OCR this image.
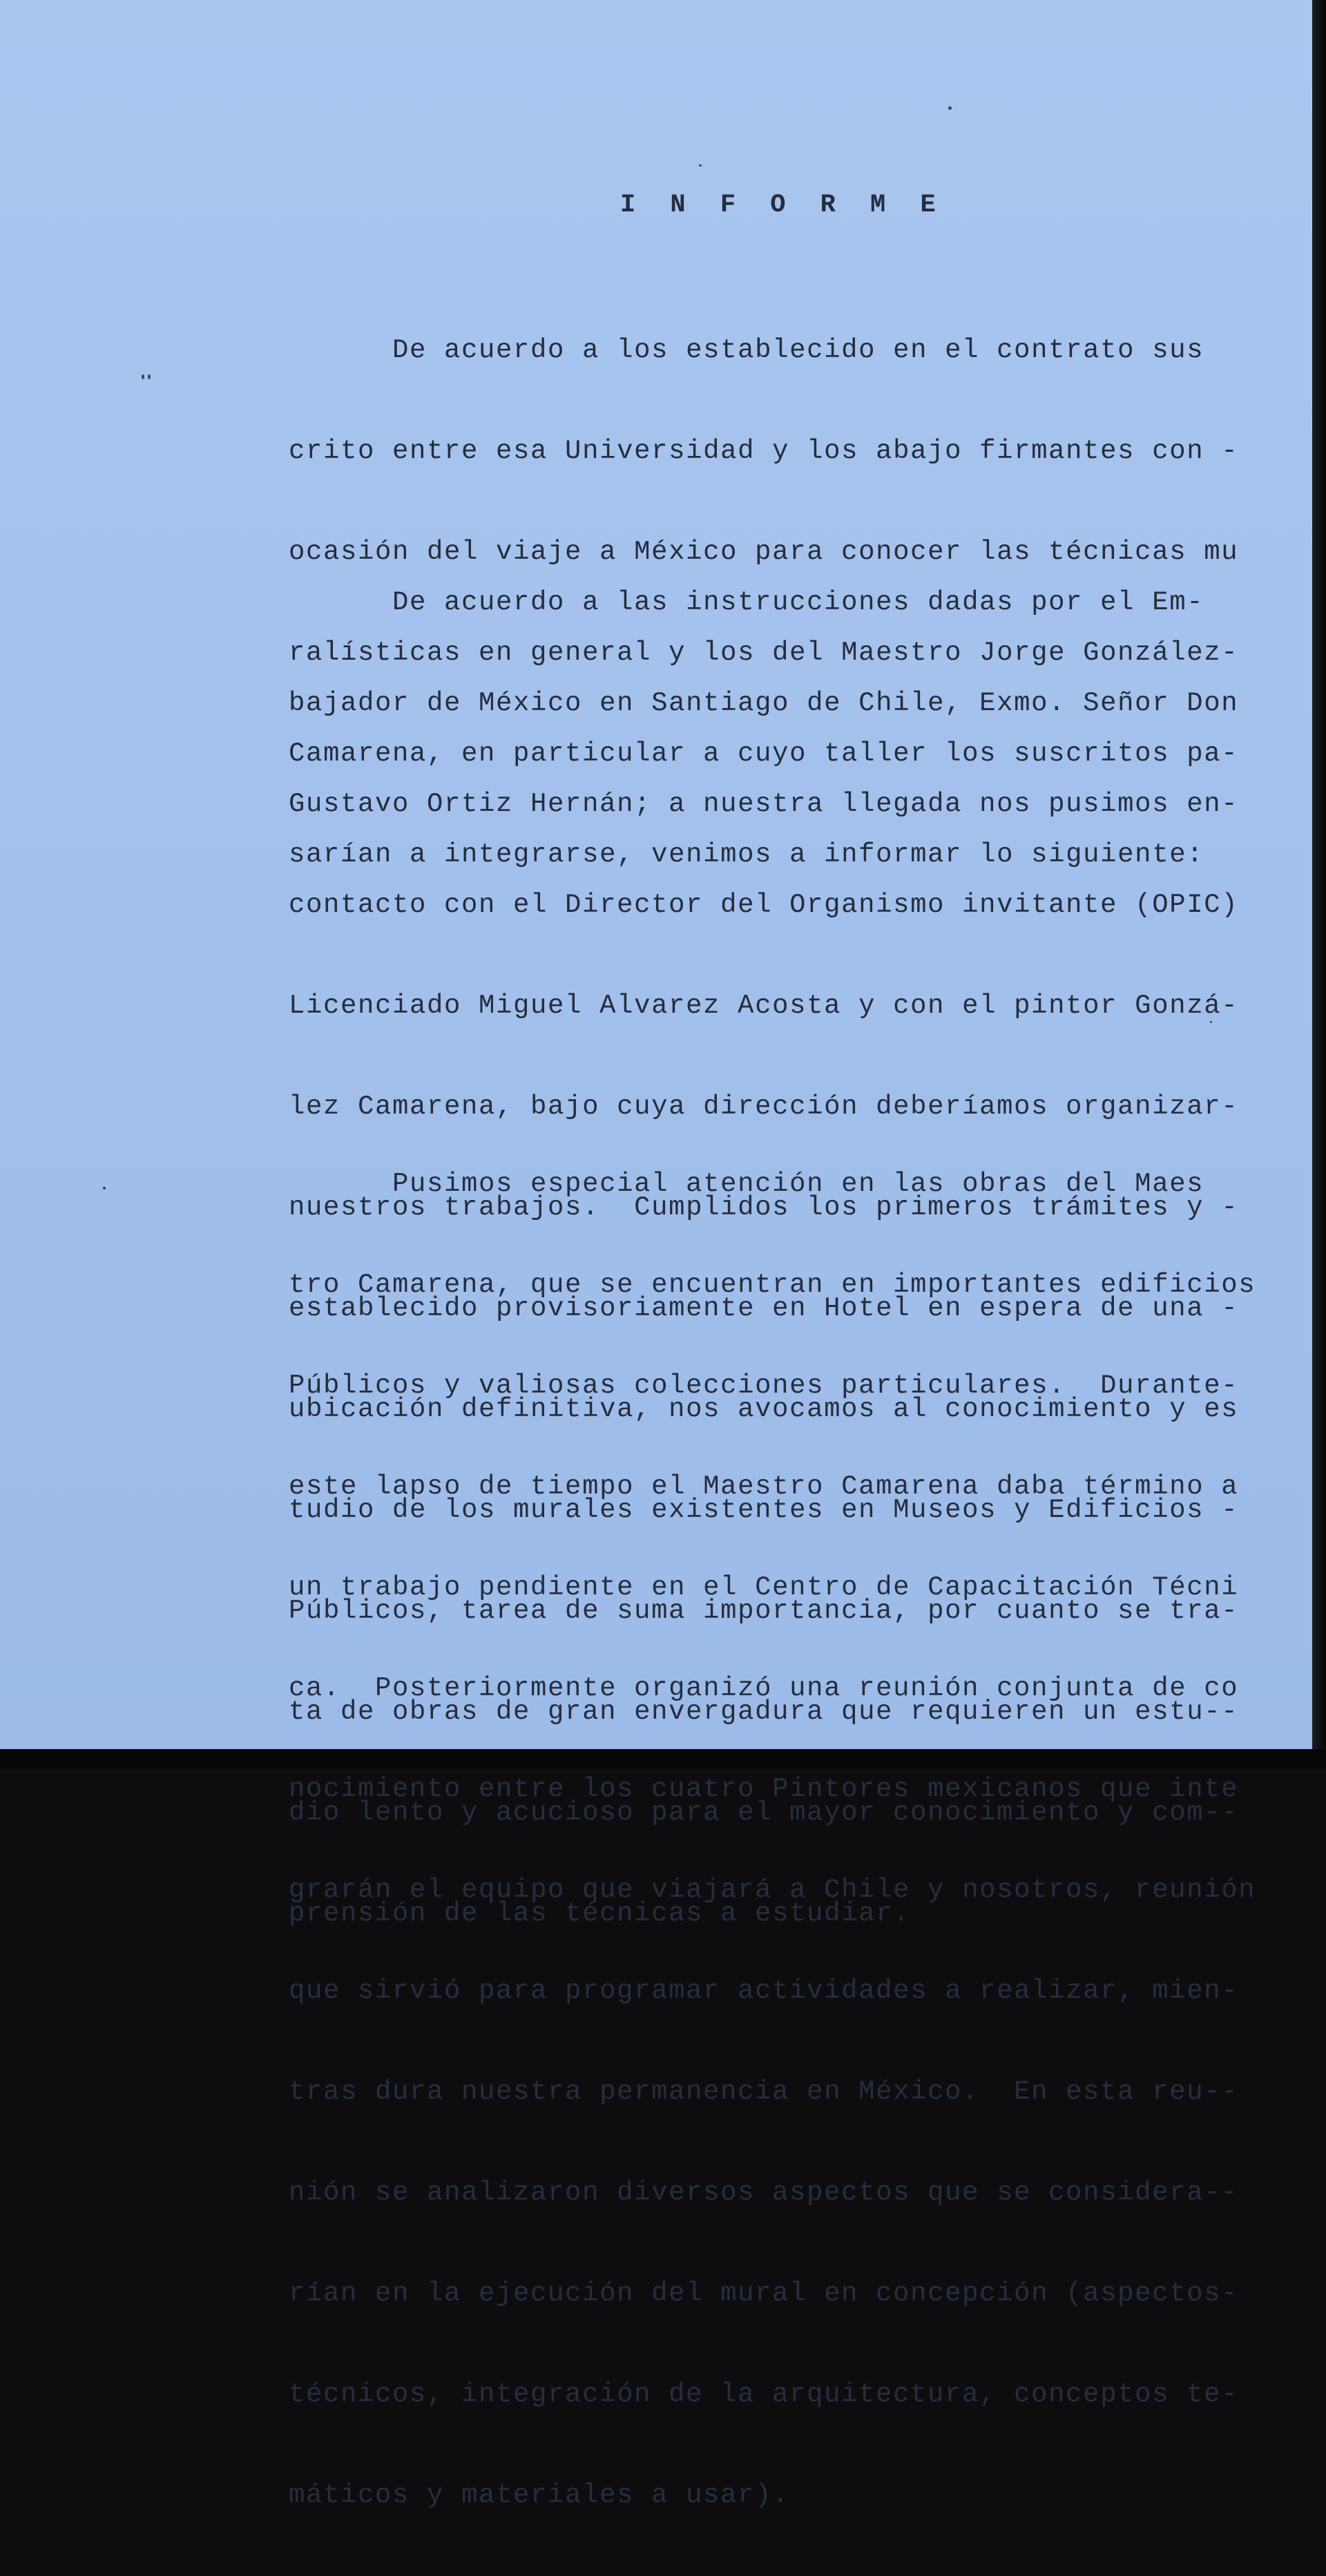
I N F O R M E

De acuerdo a los establecido en el contrato sus

crito entre esa Universidad y los abajo firmantes con -

ocasión del viaje a México para conocer las técnicas mu

ralísticas en general y los del Maestro Jorge González-

Camarena, en particular a cuyo taller los suscritos pa-

sarían a integrarse, venimos a informar lo siguiente:

De acuerdo a las instrucciones dadas por el Em-

bajador de México en Santiago de Chile, Exmo. Señor Don

Gustavo Ortiz Hernán; a nuestra llegada nos pusimos en-

contacto con el Director del Organismo invitante (OPIC)

Licenciado Miguel Alvarez Acosta y con el pintor Gonzá-

lez Camarena, bajo cuya dirección deberíamos organizar-

nuestros trabajos.  Cumplidos los primeros trámites y -

establecido provisoriamente en Hotel en espera de una -

ubicación definitiva, nos avocamos al conocimiento y es

tudio de los murales existentes en Museos y Edificios -

Públicos, tarea de suma importancia, por cuanto se tra-

ta de obras de gran envergadura que requieren un estu--

dio lento y acucioso para el mayor conocimiento y com--

prensión de las técnicas a estudiar.

Pusimos especial atención en las obras del Maes

tro Camarena, que se encuentran en importantes edificios

Públicos y valiosas colecciones particulares.  Durante-

este lapso de tiempo el Maestro Camarena daba término a

un trabajo pendiente en el Centro de Capacitación Técni

ca.  Posteriormente organizó una reunión conjunta de co

nocimiento entre los cuatro Pintores mexicanos que inte

grarán el equipo que viajará a Chile y nosotros, reunión

que sirvió para programar actividades a realizar, mien-

tras dura nuestra permanencia en México.  En esta reu--

nión se analizaron diversos aspectos que se considera--

rían en la ejecución del mural en concepción (aspectos-

técnicos, integración de la arquitectura, conceptos te-

máticos y materiales a usar).
